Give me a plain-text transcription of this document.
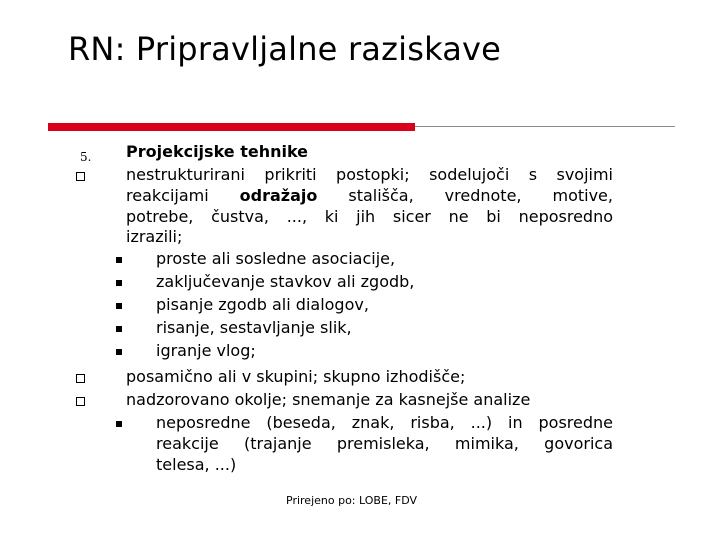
RN: Pripravljalne raziskave
5. Projekcijske tehnike
nestrukturirani prikriti postopki; sodelujoči s svojimi
reakcijami odražajo stališča, vrednote, motive,
potrebe, čustva, ..., ki jih sicer ne bi neposredno
izrazili;
proste ali sosledne asociacije,
zaključevanje stavkov ali zgodb,
pisanje zgodb ali dialogov,
risanje, sestavljanje slik,
igranje vlog;
posamično ali v skupini; skupno izhodišče;
nadzorovano okolje; snemanje za kasnejše analize
neposredne (beseda, znak, risba, ...) in posredne
reakcije (trajanje premisleka, mimika, govorica
telesa, ...)
Prirejeno po: LOBE, FDV
